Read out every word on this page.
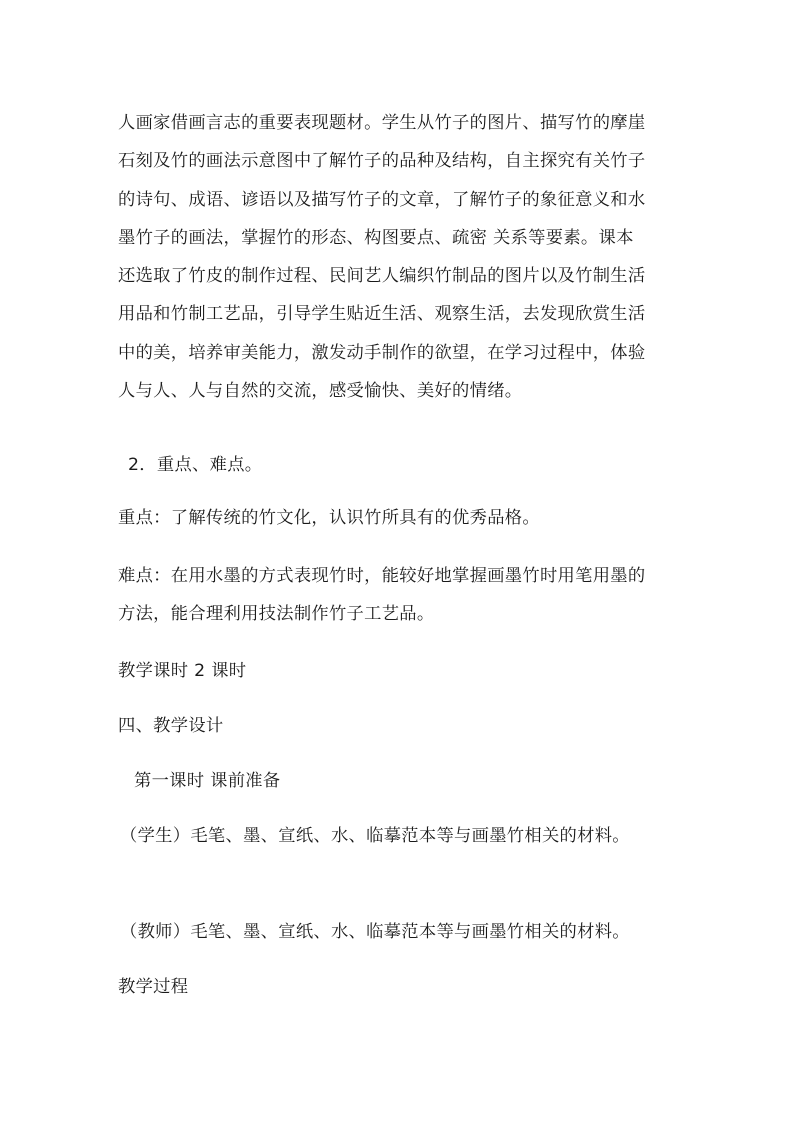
人画家借画言志的重要表现题材。学生从竹子的图片、描写竹的摩崖
石刻及竹的画法示意图中了解竹子的品种及结构，自主探究有关竹子
的诗句、成语、谚语以及描写竹子的文章，了解竹子的象征意义和水
墨竹子的画法，掌握竹的形态、构图要点、疏密 关系等要素。课本
还选取了竹皮的制作过程、民间艺人编织竹制品的图片以及竹制生活
用品和竹制工艺品，引导学生贴近生活、观察生活，去发现欣赏生活
中的美，培养审美能力，激发动手制作的欲望，在学习过程中，体验
人与人、人与自然的交流，感受愉快、美好的情绪。

2．重点、难点。

重点：了解传统的竹文化，认识竹所具有的优秀品格。

难点：在用水墨的方式表现竹时，能较好地掌握画墨竹时用笔用墨的
方法，能合理利用技法制作竹子工艺品。

教学课时 2 课时

四、教学设计

第一课时 课前准备

（学生）毛笔、墨、宣纸、水、临摹范本等与画墨竹相关的材料。

（教师）毛笔、墨、宣纸、水、临摹范本等与画墨竹相关的材料。

教学过程
